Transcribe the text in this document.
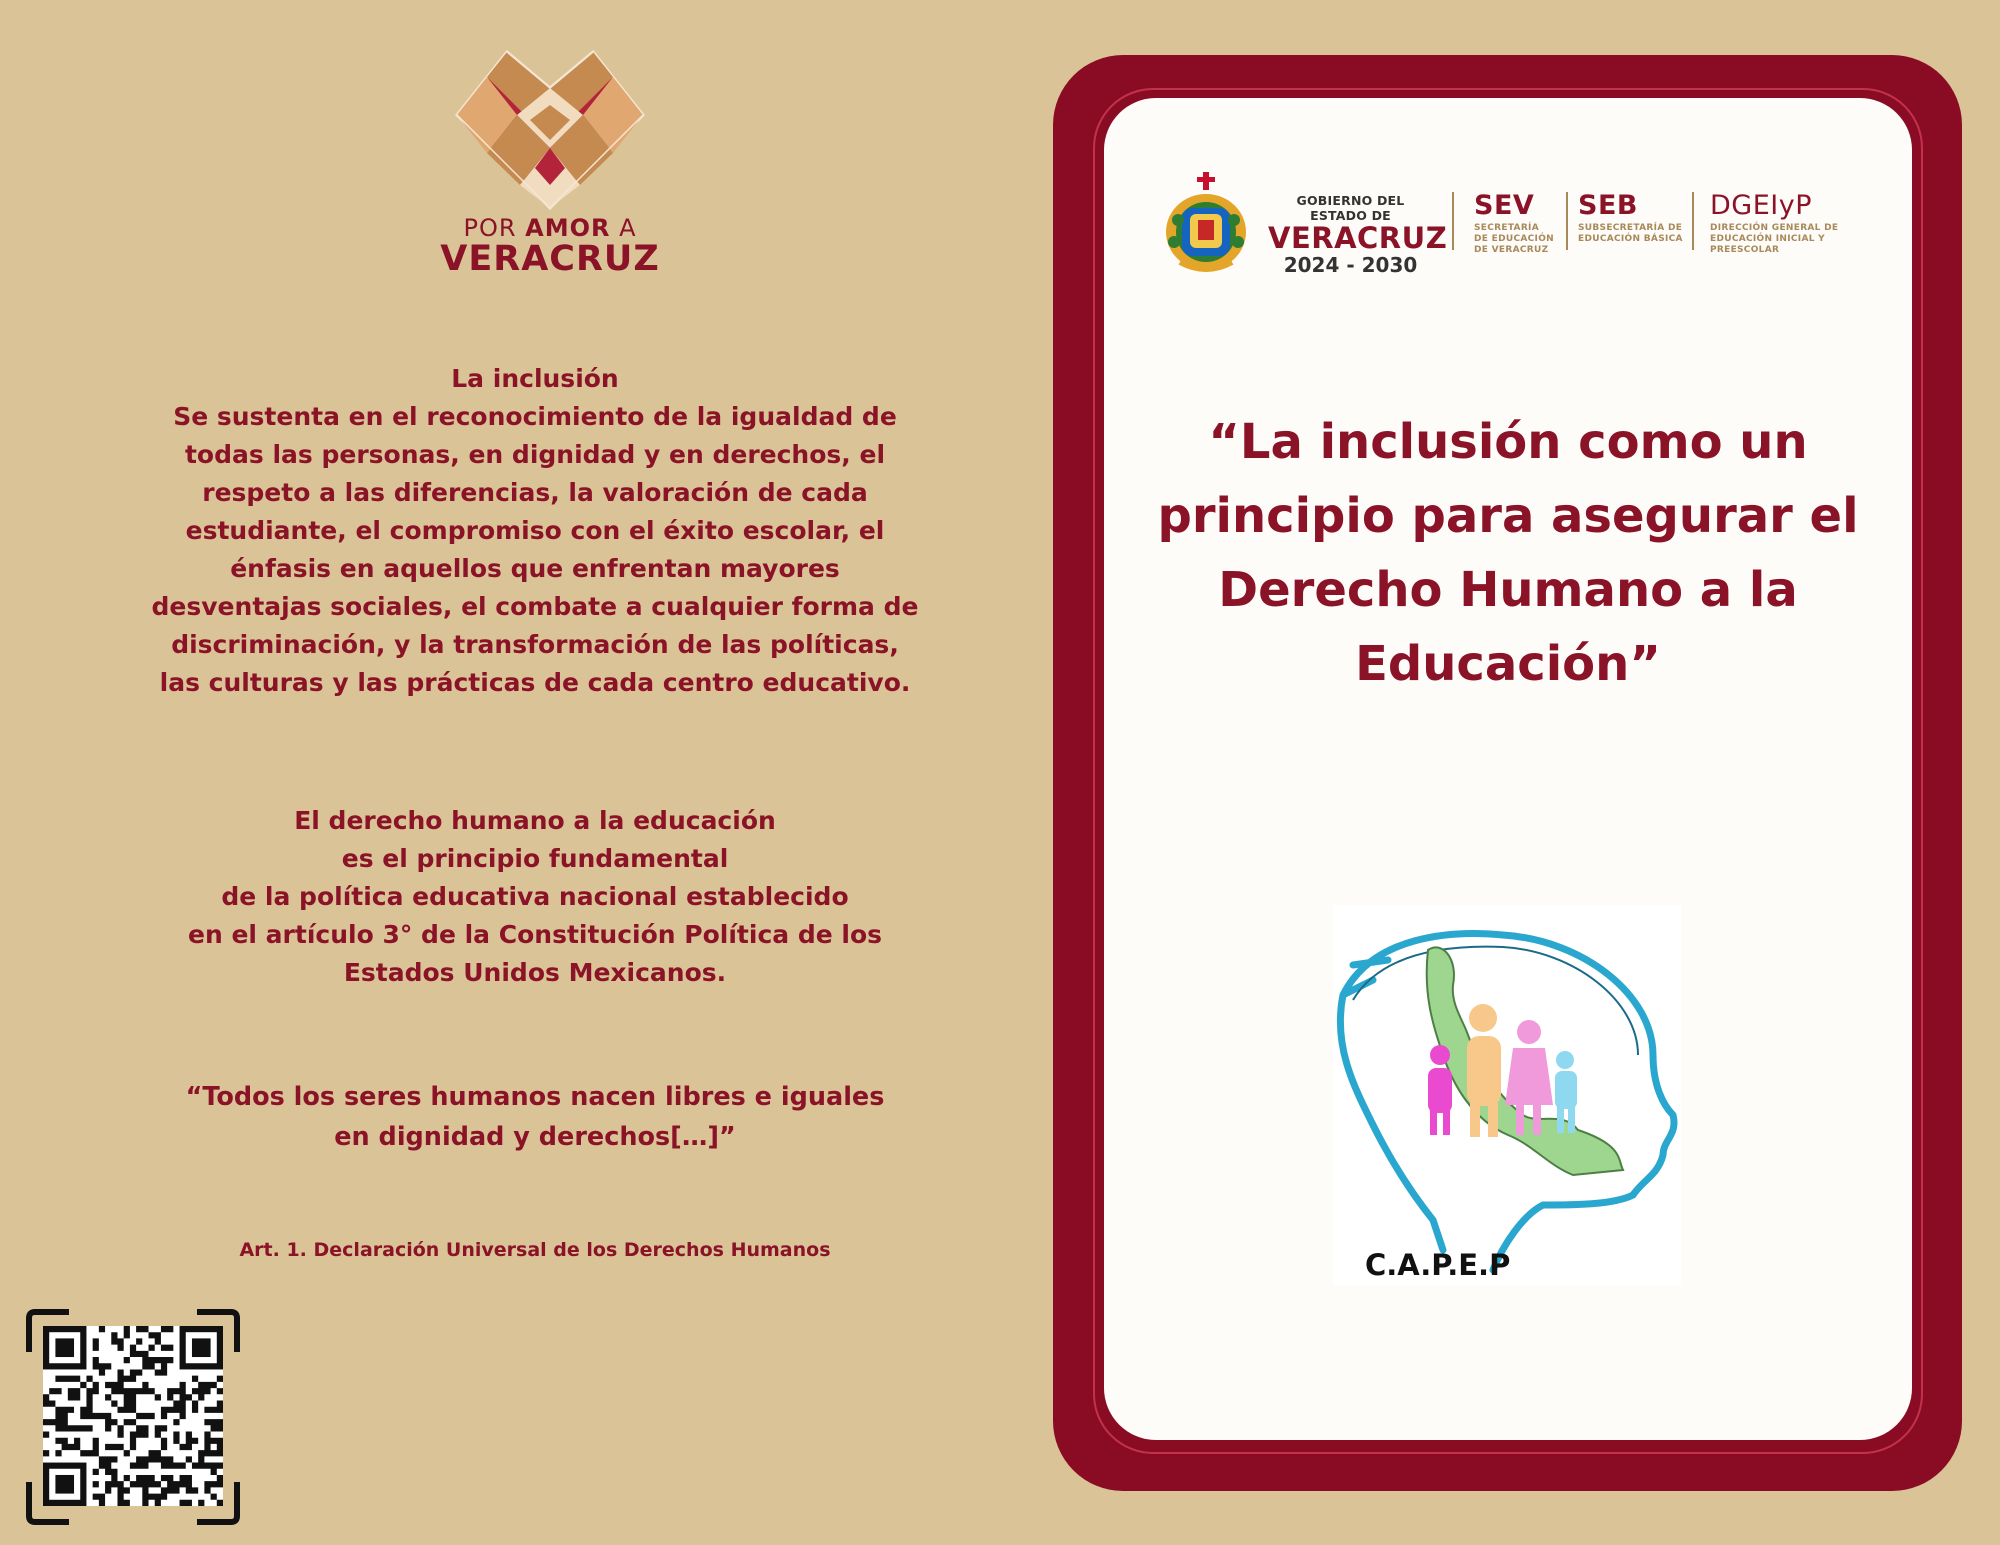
POR AMOR A
VERACRUZ
La inclusión
Se sustenta en el reconocimiento de la igualdad de
todas las personas, en dignidad y en derechos, el
respeto a las diferencias, la valoración de cada
estudiante, el compromiso con el éxito escolar, el
énfasis en aquellos que enfrentan mayores
desventajas sociales, el combate a cualquier forma de
discriminación, y la transformación de las políticas,
las culturas y las prácticas de cada centro educativo.
El derecho humano a la educación
es el principio fundamental
de la política educativa nacional establecido
en el artículo 3° de la Constitución Política de los
Estados Unidos Mexicanos.
“Todos los seres humanos nacen libres e iguales
en dignidad y derechos[…]”
Art. 1. Declaración Universal de los Derechos Humanos
GOBIERNO DEL ESTADO DE
VERACRUZ
2024 - 2030
SEV
SECRETARÍA
DE EDUCACIÓN
DE VERACRUZ
SEB
SUBSECRETARÍA DE
EDUCACIÓN BÁSICA
DGEIyP
DIRECCIÓN GENERAL DE
EDUCACIÓN INICIAL Y
PREESCOLAR
“La inclusión como un
principio para asegurar el
Derecho Humano a la
Educación”
C.A.P.E.P
